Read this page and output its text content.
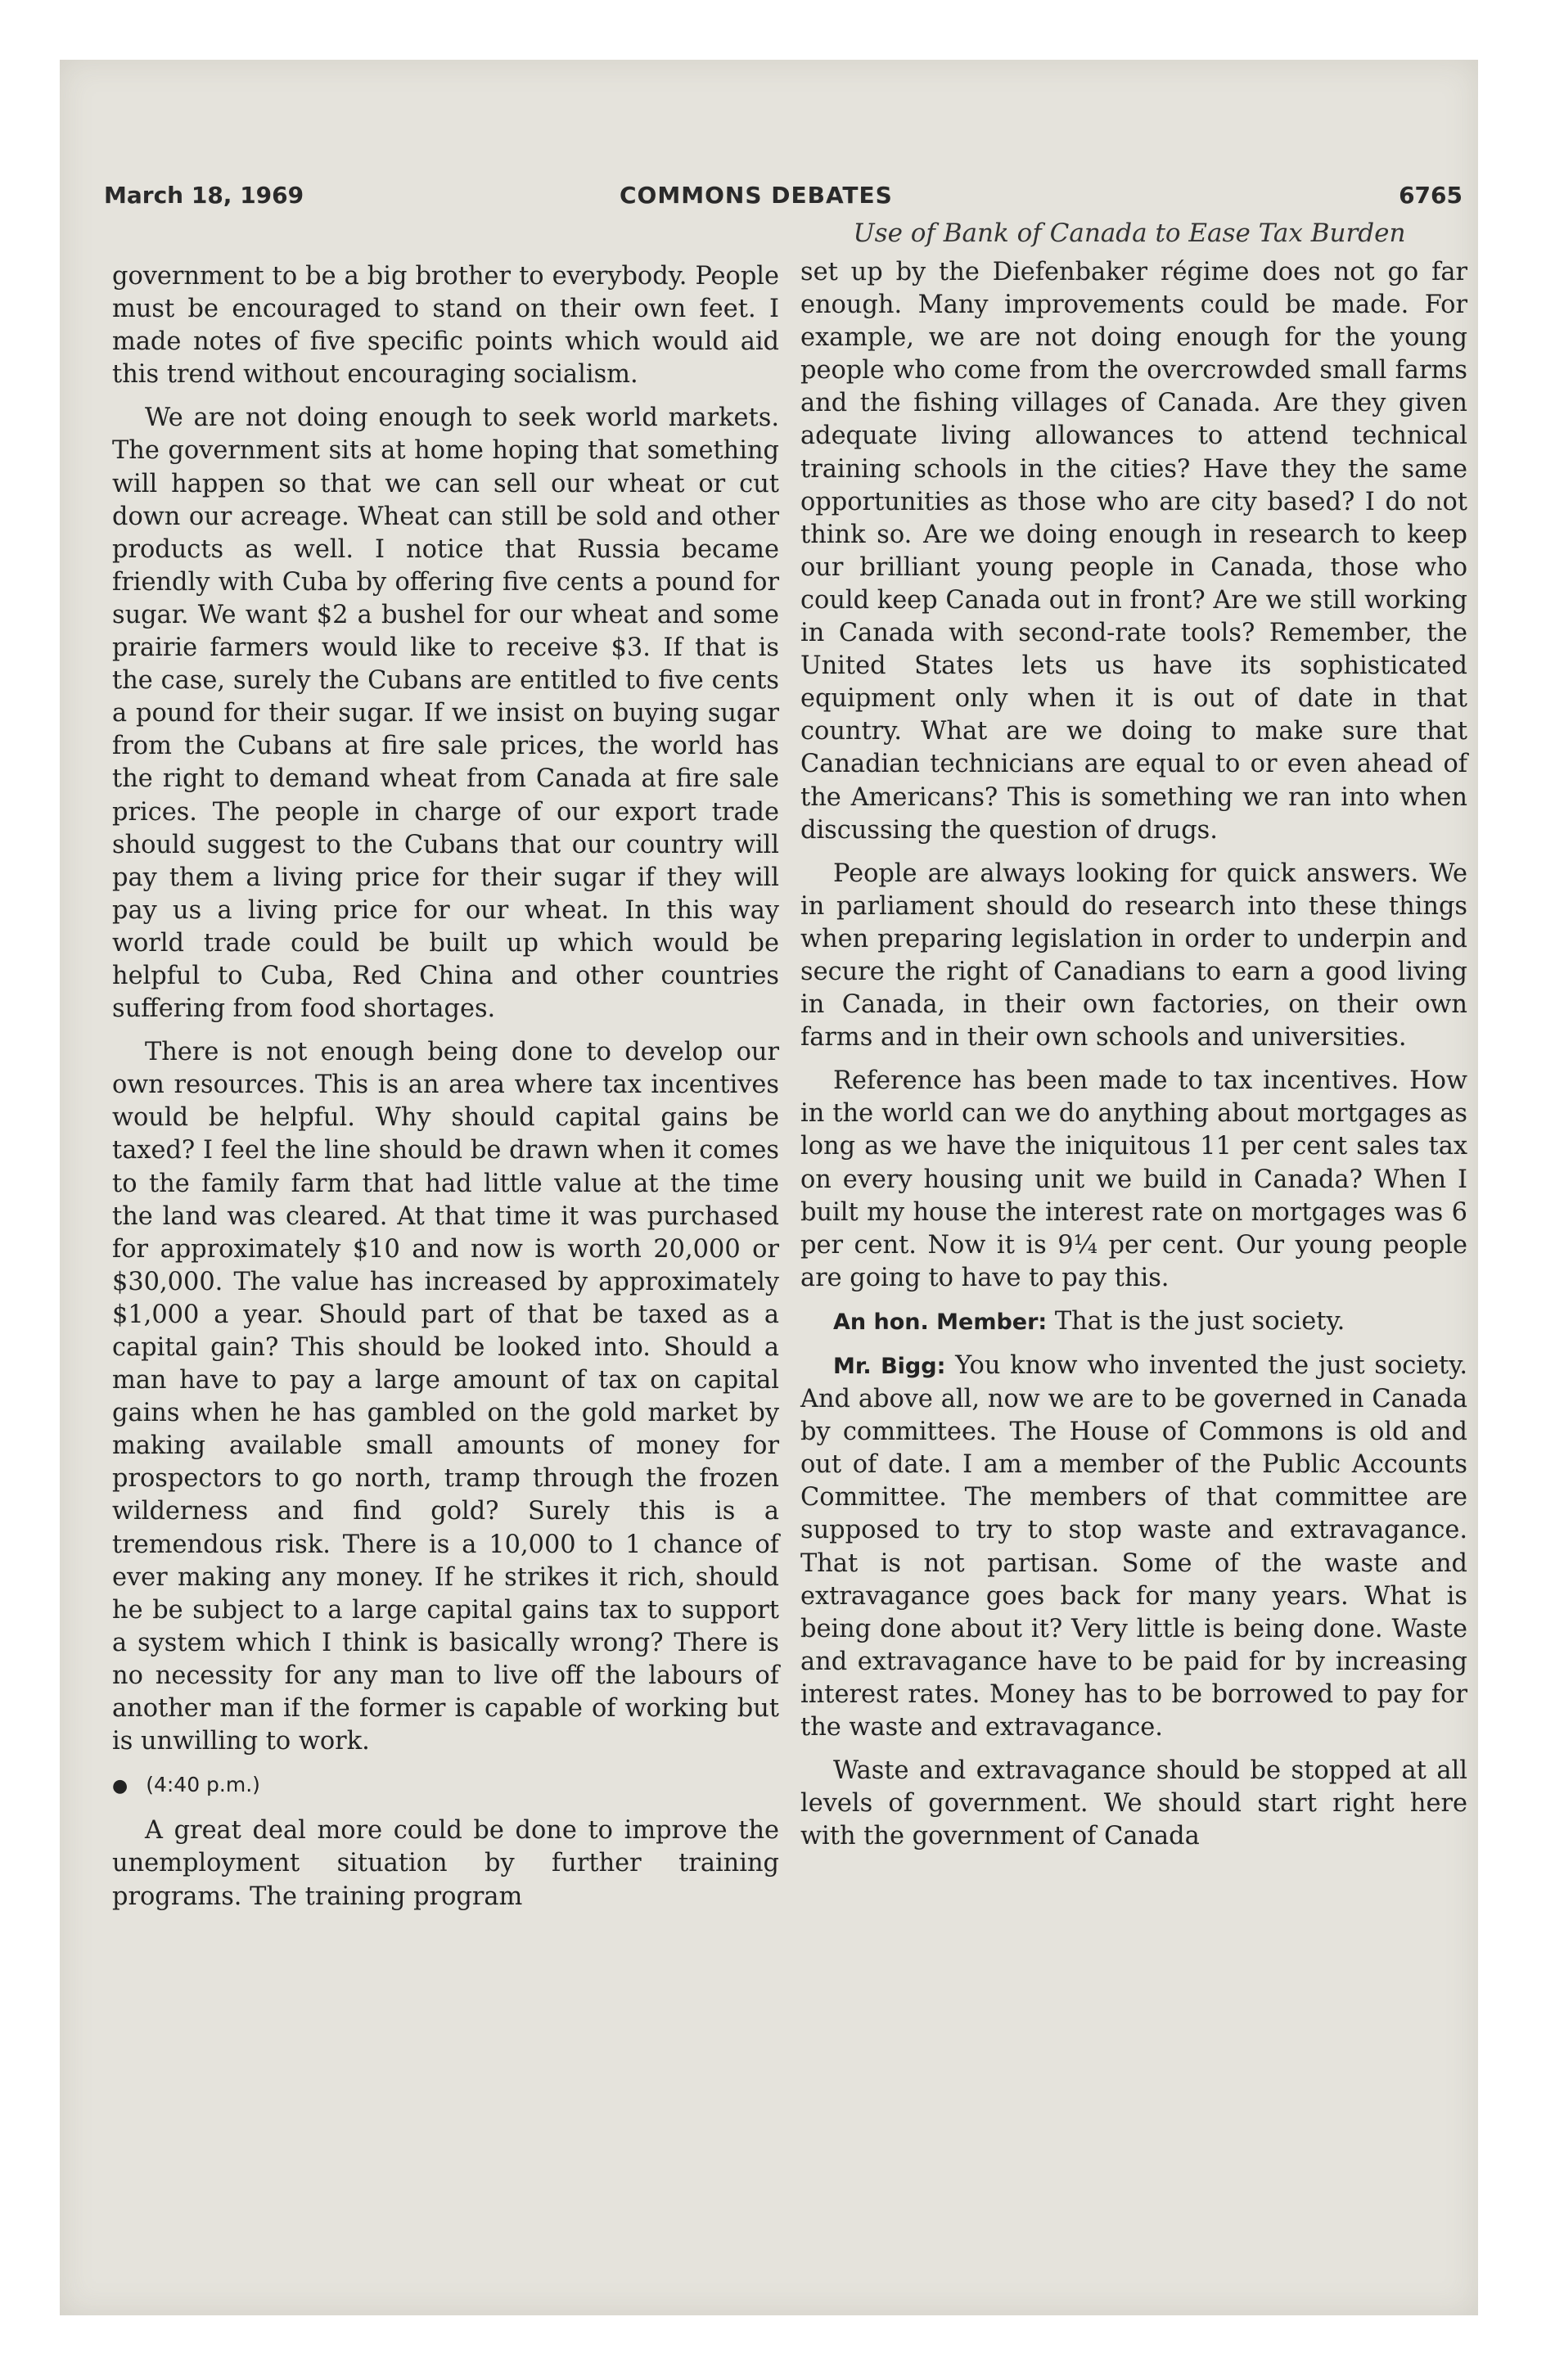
March 18, 1969	COMMONS DEBATES	6765
Use of Bank of Canada to Ease Tax Burden

government to be a big brother to everybody. People must be encouraged to stand on their own feet. I made notes of five specific points which would aid this trend without encouraging socialism.

We are not doing enough to seek world markets. The government sits at home hoping that something will happen so that we can sell our wheat or cut down our acreage. Wheat can still be sold and other products as well. I notice that Russia became friendly with Cuba by offering five cents a pound for sugar. We want $2 a bushel for our wheat and some prairie farmers would like to receive $3. If that is the case, surely the Cubans are entitled to five cents a pound for their sugar. If we insist on buying sugar from the Cubans at fire sale prices, the world has the right to demand wheat from Canada at fire sale prices. The people in charge of our export trade should suggest to the Cubans that our country will pay them a living price for their sugar if they will pay us a living price for our wheat. In this way world trade could be built up which would be helpful to Cuba, Red China and other countries suffering from food shortages.

There is not enough being done to develop our own resources. This is an area where tax incentives would be helpful. Why should capital gains be taxed? I feel the line should be drawn when it comes to the family farm that had little value at the time the land was cleared. At that time it was purchased for approximately $10 and now is worth 20,000 or $30,000. The value has increased by approximately $1,000 a year. Should part of that be taxed as a capital gain? This should be looked into. Should a man have to pay a large amount of tax on capital gains when he has gambled on the gold market by making available small amounts of money for prospectors to go north, tramp through the frozen wilderness and find gold? Surely this is a tremendous risk. There is a 10,000 to 1 chance of ever making any money. If he strikes it rich, should he be subject to a large capital gains tax to support a system which I think is basically wrong? There is no necessity for any man to live off the labours of another man if the former is capable of working but is unwilling to work.

● (4:40 p.m.)

A great deal more could be done to improve the unemployment situation by further training programs. The training program

set up by the Diefenbaker régime does not go far enough. Many improvements could be made. For example, we are not doing enough for the young people who come from the overcrowded small farms and the fishing villages of Canada. Are they given adequate living allowances to attend technical training schools in the cities? Have they the same opportunities as those who are city based? I do not think so. Are we doing enough in research to keep our brilliant young people in Canada, those who could keep Canada out in front? Are we still working in Canada with second-rate tools? Remember, the United States lets us have its sophisticated equipment only when it is out of date in that country. What are we doing to make sure that Canadian technicians are equal to or even ahead of the Americans? This is something we ran into when discussing the question of drugs.

People are always looking for quick answers. We in parliament should do research into these things when preparing legislation in order to underpin and secure the right of Canadians to earn a good living in Canada, in their own factories, on their own farms and in their own schools and universities.

Reference has been made to tax incentives. How in the world can we do anything about mortgages as long as we have the iniquitous 11 per cent sales tax on every housing unit we build in Canada? When I built my house the interest rate on mortgages was 6 per cent. Now it is 9¼ per cent. Our young people are going to have to pay this.

An hon. Member: That is the just society.

Mr. Bigg: You know who invented the just society. And above all, now we are to be governed in Canada by committees. The House of Commons is old and out of date. I am a member of the Public Accounts Committee. The members of that committee are supposed to try to stop waste and extravagance. That is not partisan. Some of the waste and extravagance goes back for many years. What is being done about it? Very little is being done. Waste and extravagance have to be paid for by increasing interest rates. Money has to be borrowed to pay for the waste and extravagance.

Waste and extravagance should be stopped at all levels of government. We should start right here with the government of Canada
